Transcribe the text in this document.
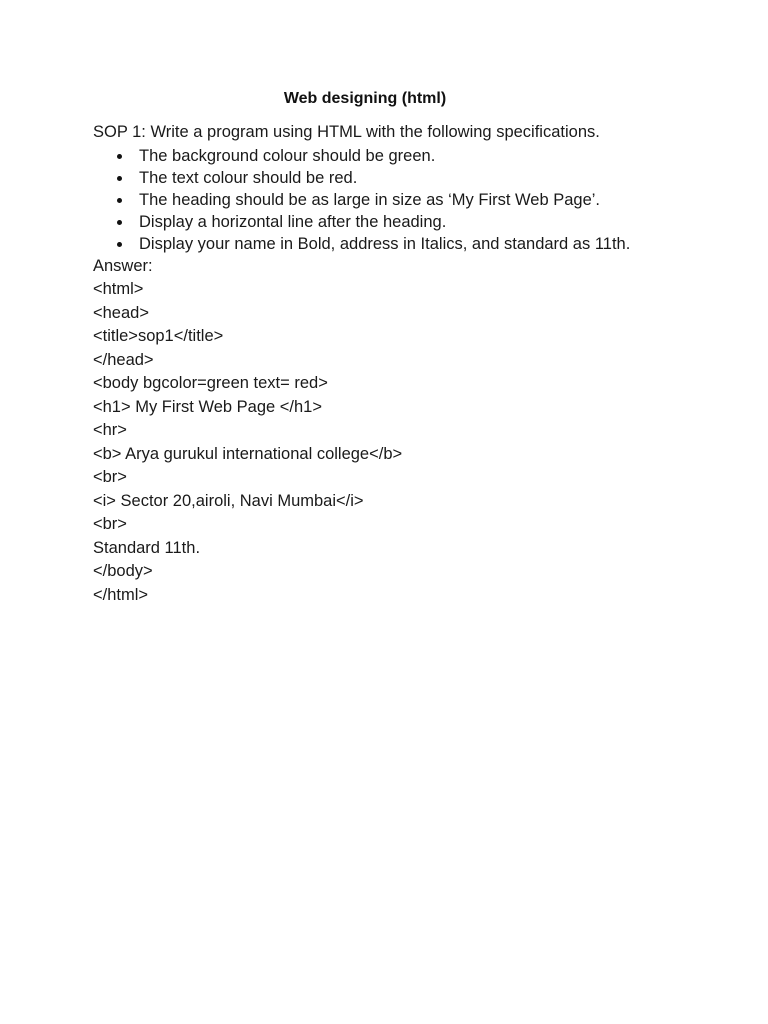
Web designing (html)

SOP 1: Write a program using HTML with the following specifications.

The background colour should be green.
The text colour should be red.
The heading should be as large in size as ‘My First Web Page’.
Display a horizontal line after the heading.
Display your name in Bold, address in Italics, and standard as 11th.

Answer:

<html>

<head>

<title>sop1</title>

</head>

<body bgcolor=green text= red>

<h1> My First Web Page </h1>

<hr>

<b> Arya gurukul international college</b>

<br>

<i> Sector 20,airoli, Navi Mumbai</i>

<br>

Standard 11th.

</body>

</html>
